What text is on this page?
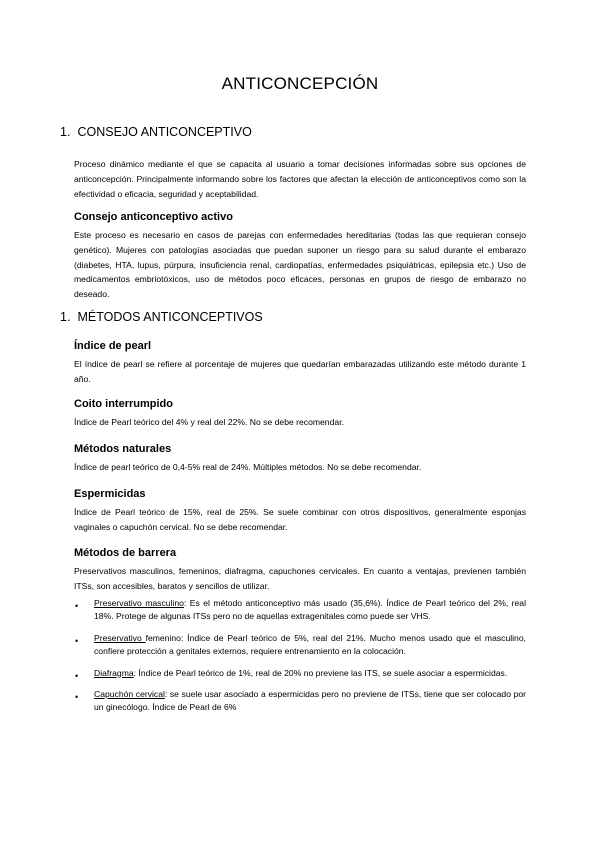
ANTICONCEPCIÓN
1. CONSEJO ANTICONCEPTIVO

Proceso dinámico mediante el que se capacita al usuario a tomar decisiones informadas sobre sus opciones de anticoncepción. Principalmente informando sobre los factores que afectan la elección de anticonceptivos como son la efectividad o eficacia, seguridad y aceptabilidad.

Consejo anticonceptivo activo

Este proceso es necesario en casos de parejas con enfermedades hereditarias (todas las que requieran consejo genético). Mujeres con patologías asociadas que puedan suponer un riesgo para su salud durante el embarazo (diabetes, HTA, lupus, púrpura, insuficiencia renal, cardiopatías, enfermedades psiquiátricas, epilepsia etc.) Uso de medicamentos embriotóxicos, uso de métodos poco eficaces, personas en grupos de riesgo de embarazo no deseado.

1. MÉTODOS ANTICONCEPTIVOS
Índice de pearl

El índice de pearl se refiere al porcentaje de mujeres que quedarían embarazadas utilizando este método durante 1 año.

Coito interrumpido

Índice de Pearl teórico del 4% y real del 22%. No se debe recomendar.

Métodos naturales

Índice de pearl teórico de 0,4-5% real de 24%. Múltiples métodos. No se debe recomendar.

Espermicidas

Índice de Pearl teórico de 15%, real de 25%. Se suele combinar con otros dispositivos, generalmente esponjas vaginales o capuchón cervical. No se debe recomendar.

Métodos de barrera

Preservativos masculinos, femeninos, diafragma, capuchones cervicales. En cuanto a ventajas, previenen también ITSs, son accesibles, baratos y sencillos de utilizar.

• Preservativo masculino: Es el método anticonceptivo más usado (35,6%). Índice de Pearl teórico del 2%, real 18%. Protege de algunas ITSs pero no de aquellas extragenitales como puede ser VHS.
• Preservativo femenino: Índice de Pearl teórico de 5%, real del 21%. Mucho menos usado que el masculino, confiere protección a genitales externos, requiere entrenamiento en la colocación.
• Diafragma: Índice de Pearl teórico de 1%, real de 20% no previene las ITS, se suele asociar a espermicidas.
• Capuchón cervical: se suele usar asociado a espermicidas pero no previene de ITSs, tiene que ser colocado por un ginecólogo. Índice de Pearl de 6%
